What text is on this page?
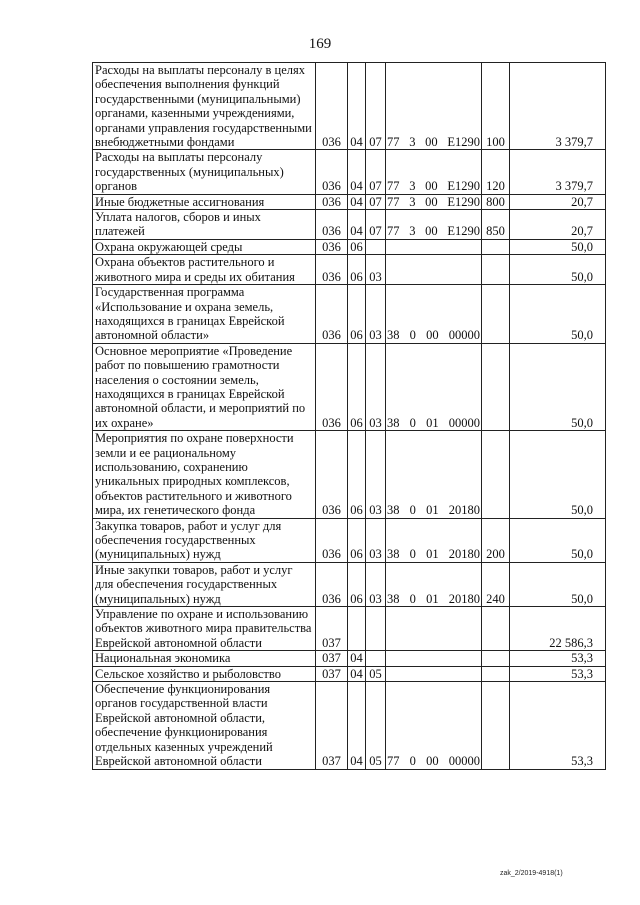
169
Расходы на выплаты персоналу в целях обеспечения выполнения функций государственными (муниципальными) органами, казенными учреждениями, органами управления государственными внебюджетными фондами	036	04	07	77 3 00 Е1290	100	3 379,7
Расходы на выплаты персоналу государственных (муниципальных) органов	036	04	07	77 3 00 Е1290	120	3 379,7
Иные бюджетные ассигнования	036	04	07	77 3 00 Е1290	800	20,7
Уплата налогов, сборов и иных платежей	036	04	07	77 3 00 Е1290	850	20,7
Охрана окружающей среды	036	06				50,0
Охрана объектов растительного и животного мира и среды их обитания	036	06	03			50,0
Государственная программа «Использование и охрана земель, находящихся в границах Еврейской автономной области»	036	06	03	38 0 00 00000		50,0
Основное мероприятие «Проведение работ по повышению грамотности населения о состоянии земель, находящихся в границах Еврейской автономной области, и мероприятий по их охране»	036	06	03	38 0 01 00000		50,0
Мероприятия по охране поверхности земли и ее рациональному использованию, сохранению уникальных природных комплексов, объектов растительного и животного мира, их генетического фонда	036	06	03	38 0 01 20180		50,0
Закупка товаров, работ и услуг для обеспечения государственных (муниципальных) нужд	036	06	03	38 0 01 20180	200	50,0
Иные закупки товаров, работ и услуг для обеспечения государственных (муниципальных) нужд	036	06	03	38 0 01 20180	240	50,0
Управление по охране и использованию объектов животного мира правительства Еврейской автономной области	037					22 586,3
Национальная экономика	037	04				53,3
Сельское хозяйство и рыболовство	037	04	05			53,3
Обеспечение функционирования органов государственной власти Еврейской автономной области, обеспечение функционирования отдельных казенных учреждений Еврейской автономной области	037	04	05	77 0 00 00000		53,3
zak_2/2019-4918(1)
